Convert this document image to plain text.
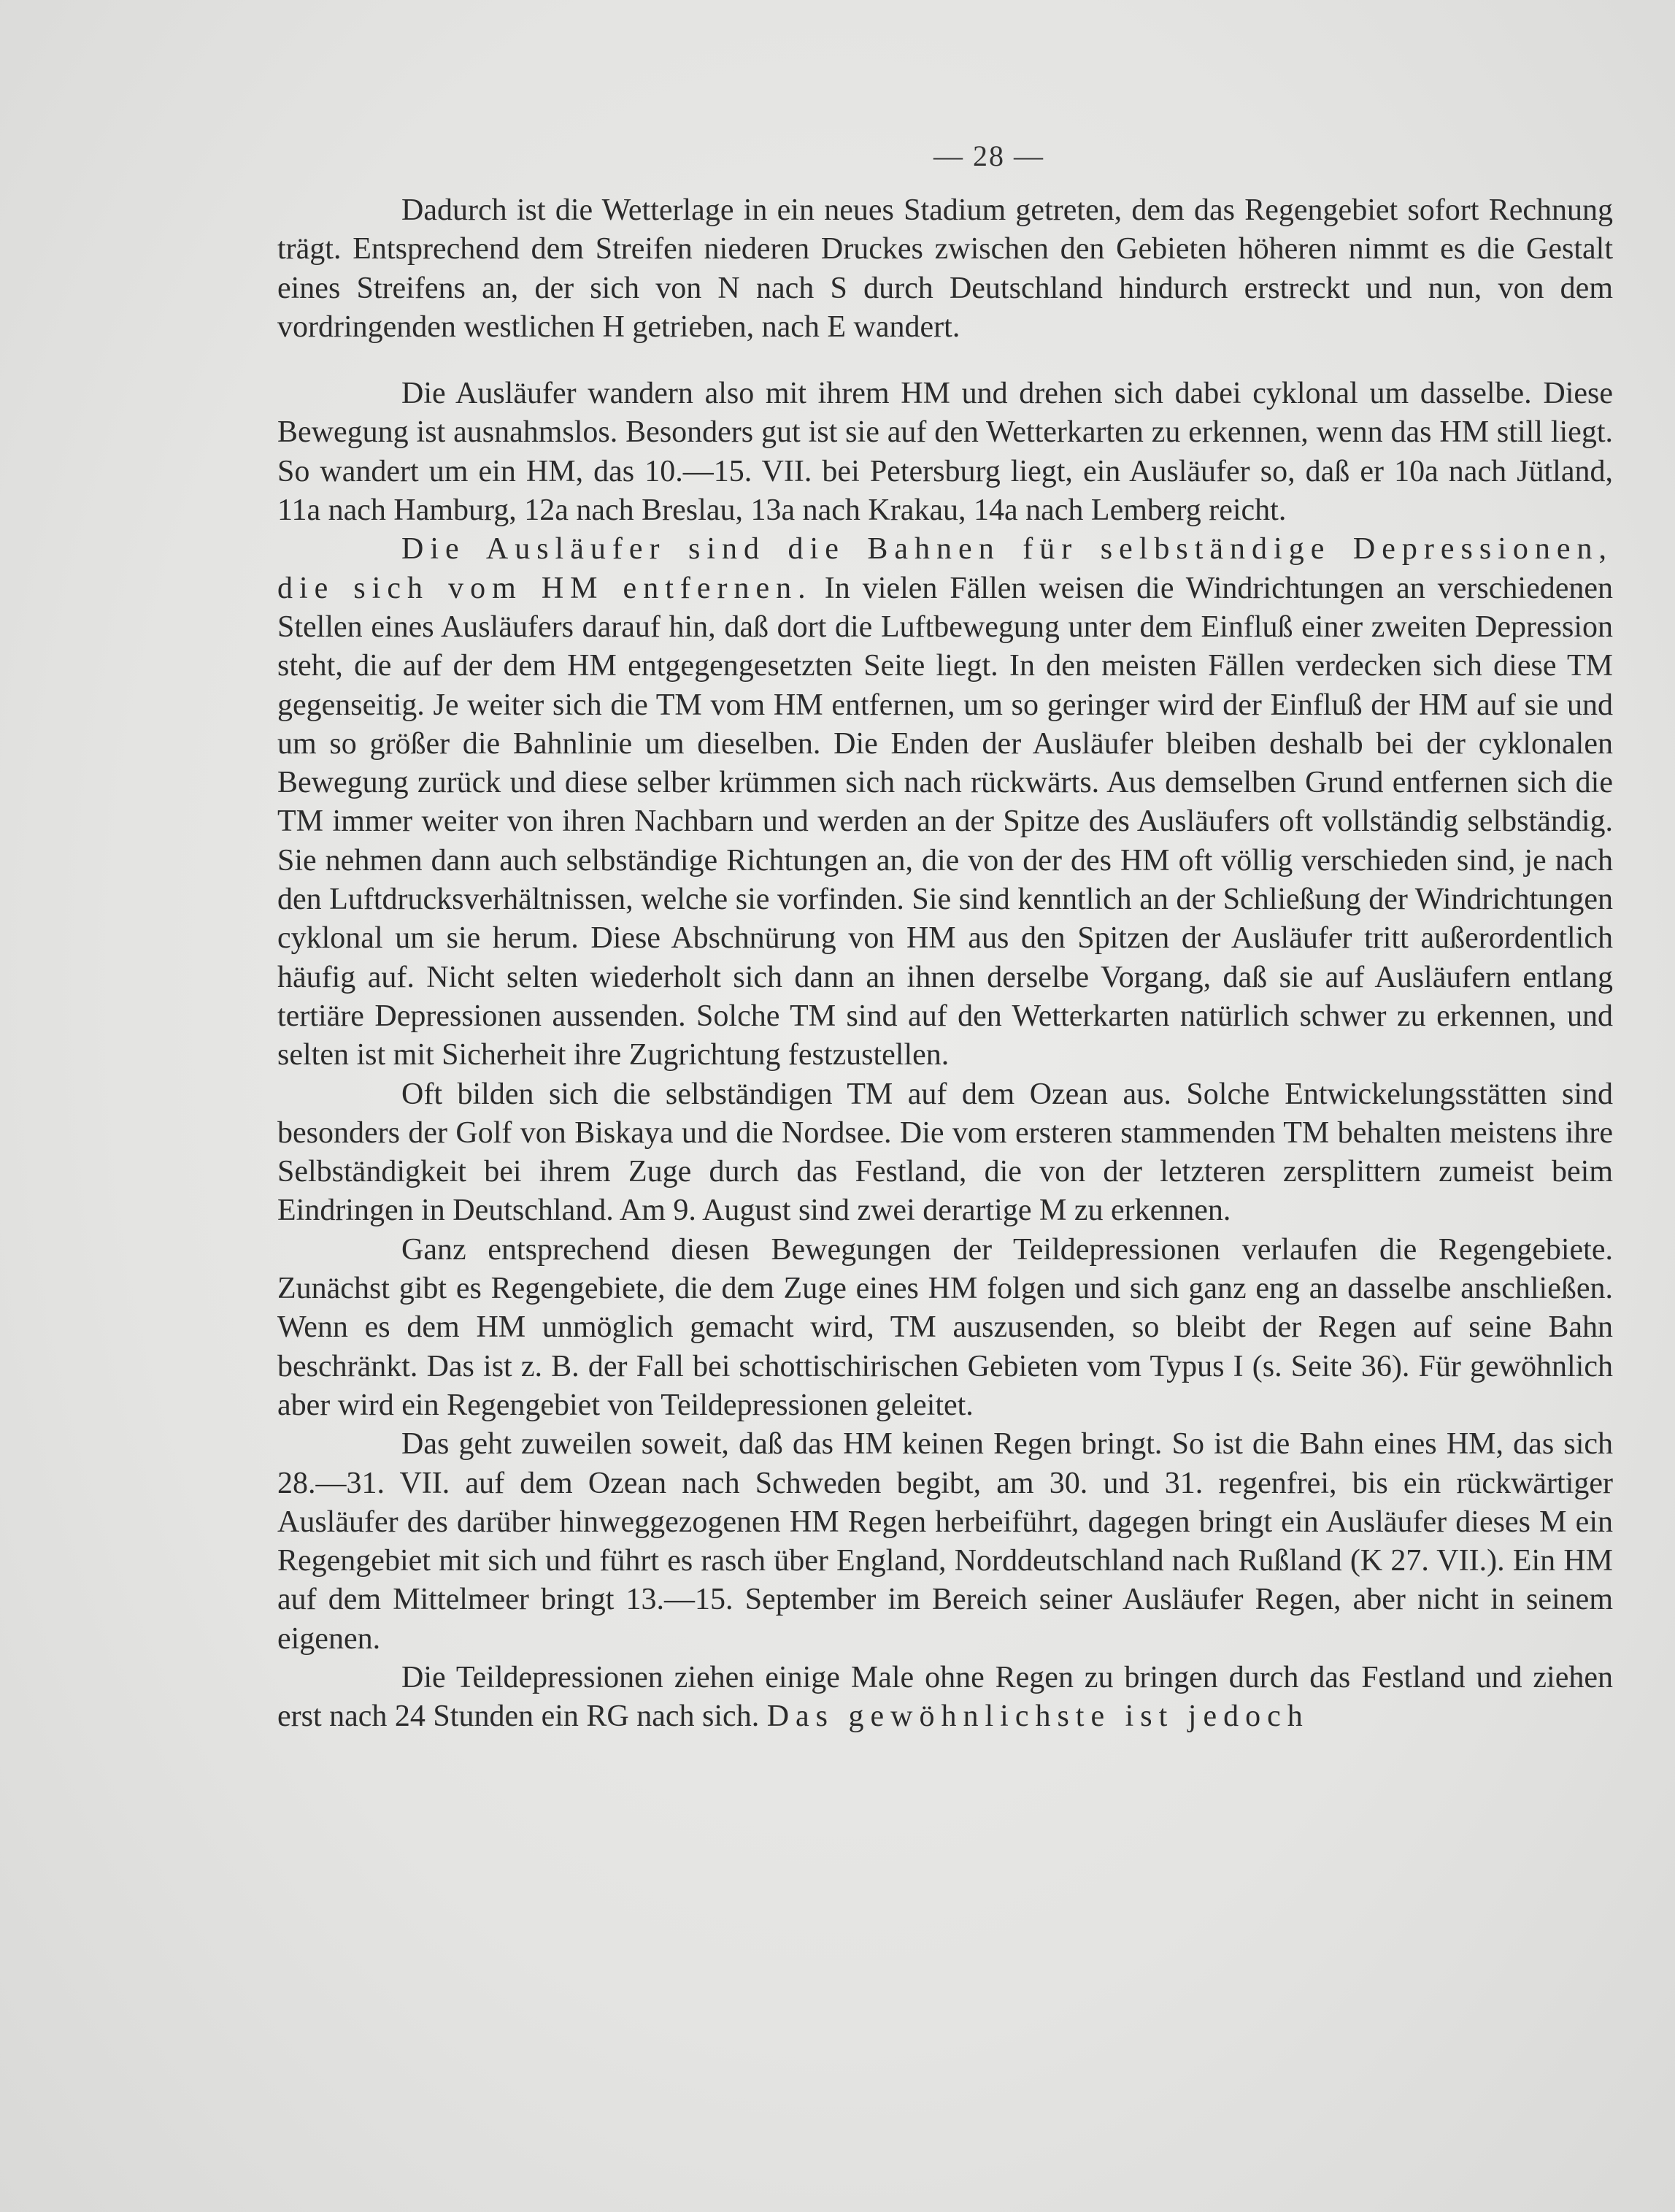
— 28 —

Dadurch ist die Wetterlage in ein neues Stadium getreten, dem das Regengebiet sofort Rechnung trägt. Entsprechend dem Streifen niederen Druckes zwischen den Gebieten höheren nimmt es die Gestalt eines Streifens an, der sich von N nach S durch Deutschland hindurch erstreckt und nun, von dem vordringenden westlichen H getrieben, nach E wandert.

Die Ausläufer wandern also mit ihrem HM und drehen sich dabei cyklonal um dasselbe. Diese Bewegung ist ausnahmslos. Besonders gut ist sie auf den Wetterkarten zu erkennen, wenn das HM still liegt. So wandert um ein HM, das 10.—15. VII. bei Petersburg liegt, ein Ausläufer so, daß er 10a nach Jütland, 11a nach Hamburg, 12a nach Breslau, 13a nach Krakau, 14a nach Lemberg reicht.

Die Ausläufer sind die Bahnen für selbständige Depressionen, die sich vom HM entfernen. In vielen Fällen weisen die Windrichtungen an verschiedenen Stellen eines Ausläufers darauf hin, daß dort die Luftbewegung unter dem Einfluß einer zweiten Depression steht, die auf der dem HM entgegengesetzten Seite liegt. In den meisten Fällen verdecken sich diese TM gegenseitig. Je weiter sich die TM vom HM entfernen, um so geringer wird der Einfluß der HM auf sie und um so größer die Bahnlinie um dieselben. Die Enden der Ausläufer bleiben deshalb bei der cyklonalen Bewegung zurück und diese selber krümmen sich nach rückwärts. Aus demselben Grund entfernen sich die TM immer weiter von ihren Nachbarn und werden an der Spitze des Ausläufers oft vollständig selbständig. Sie nehmen dann auch selbständige Richtungen an, die von der des HM oft völlig verschieden sind, je nach den Luftdrucksverhältnissen, welche sie vorfinden. Sie sind kenntlich an der Schließung der Windrichtungen cyklonal um sie herum. Diese Abschnürung von HM aus den Spitzen der Ausläufer tritt außerordentlich häufig auf. Nicht selten wiederholt sich dann an ihnen derselbe Vorgang, daß sie auf Ausläufern entlang tertiäre Depressionen aussenden. Solche TM sind auf den Wetterkarten natürlich schwer zu erkennen, und selten ist mit Sicherheit ihre Zugrichtung festzustellen.

Oft bilden sich die selbständigen TM auf dem Ozean aus. Solche Entwickelungsstätten sind besonders der Golf von Biskaya und die Nordsee. Die vom ersteren stammenden TM behalten meistens ihre Selbständigkeit bei ihrem Zuge durch das Festland, die von der letzteren zersplittern zumeist beim Eindringen in Deutschland. Am 9. August sind zwei derartige M zu erkennen.

Ganz entsprechend diesen Bewegungen der Teildepressionen verlaufen die Regengebiete. Zunächst gibt es Regengebiete, die dem Zuge eines HM folgen und sich ganz eng an dasselbe anschließen. Wenn es dem HM unmöglich gemacht wird, TM auszusenden, so bleibt der Regen auf seine Bahn beschränkt. Das ist z. B. der Fall bei schottischirischen Gebieten vom Typus I (s. Seite 36). Für gewöhnlich aber wird ein Regengebiet von Teildepressionen geleitet.

Das geht zuweilen soweit, daß das HM keinen Regen bringt. So ist die Bahn eines HM, das sich 28.—31. VII. auf dem Ozean nach Schweden begibt, am 30. und 31. regenfrei, bis ein rückwärtiger Ausläufer des darüber hinweggezogenen HM Regen herbeiführt, dagegen bringt ein Ausläufer dieses M ein Regengebiet mit sich und führt es rasch über England, Norddeutschland nach Rußland (K 27. VII.). Ein HM auf dem Mittelmeer bringt 13.—15. September im Bereich seiner Ausläufer Regen, aber nicht in seinem eigenen.

Die Teildepressionen ziehen einige Male ohne Regen zu bringen durch das Festland und ziehen erst nach 24 Stunden ein RG nach sich. Das gewöhnlichste ist jedoch
